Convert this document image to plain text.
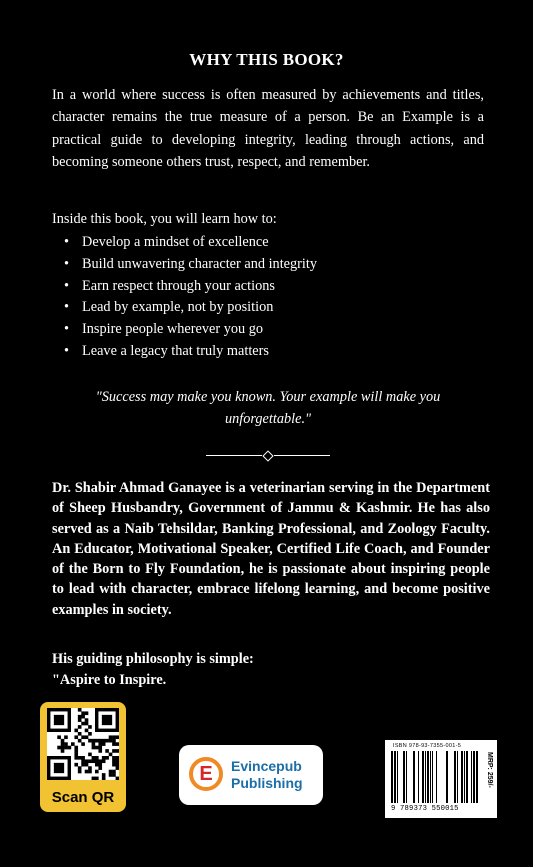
WHY THIS BOOK?
In a world where success is often measured by achievements and titles, character remains the true measure of a person. Be an Example is a practical guide to developing integrity, leading through actions, and becoming someone others trust, respect, and remember.
Inside this book, you will learn how to:
• Develop a mindset of excellence
• Build unwavering character and integrity
• Earn respect through your actions
• Lead by example, not by position
• Inspire people wherever you go
• Leave a legacy that truly matters
"Success may make you known. Your example will make you
unforgettable."
Dr. Shabir Ahmad Ganayee is a veterinarian serving in the Department of Sheep Husbandry, Government of Jammu & Kashmir. He has also served as a Naib Tehsildar, Banking Professional, and Zoology Faculty. An Educator, Motivational Speaker, Certified Life Coach, and Founder of the Born to Fly Foundation, he is passionate about inspiring people to lead with character, embrace lifelong learning, and become positive examples in society.
His guiding philosophy is simple:
"Aspire to Inspire.
Scan QR
E	Evincepub
Publishing
ISBN 978-93-7355-001-5
9 789373 550015
MRP: 259/-
